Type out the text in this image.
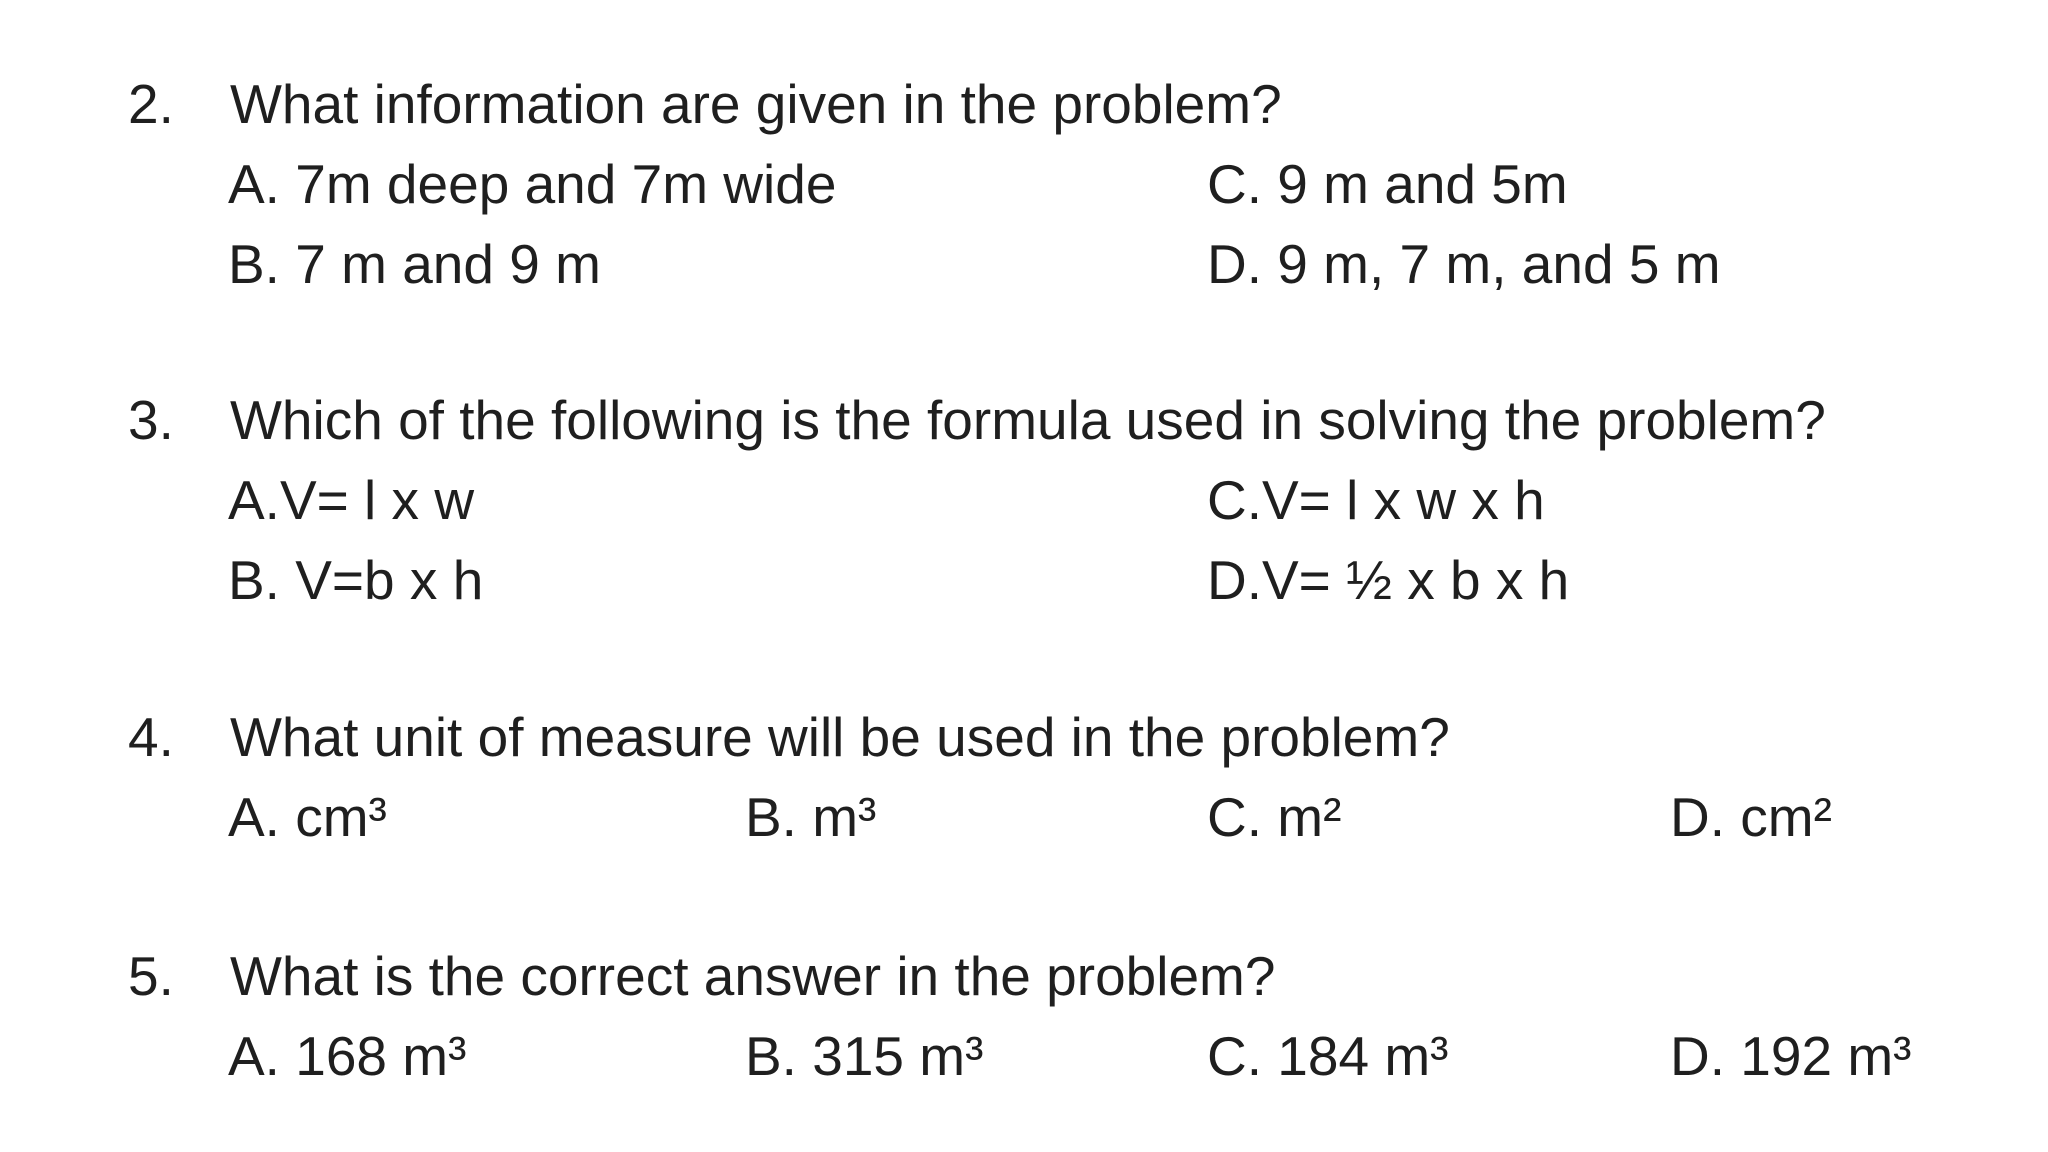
2. What information are given in the problem?
A. 7m deep and 7m wide	C. 9 m and 5m
B. 7 m and 9 m	D. 9 m, 7 m, and 5 m
3. Which of the following is the formula used in solving the problem?
A.V= l x w	C.V= l x w x h
B. V=b x h	D.V= ½ x b x h
4. What unit of measure will be used in the problem?
A. cm³	B. m³	C. m²	D. cm²
5. What is the correct answer in the problem?
A. 168 m³	B. 315 m³	C. 184 m³	D. 192 m³
